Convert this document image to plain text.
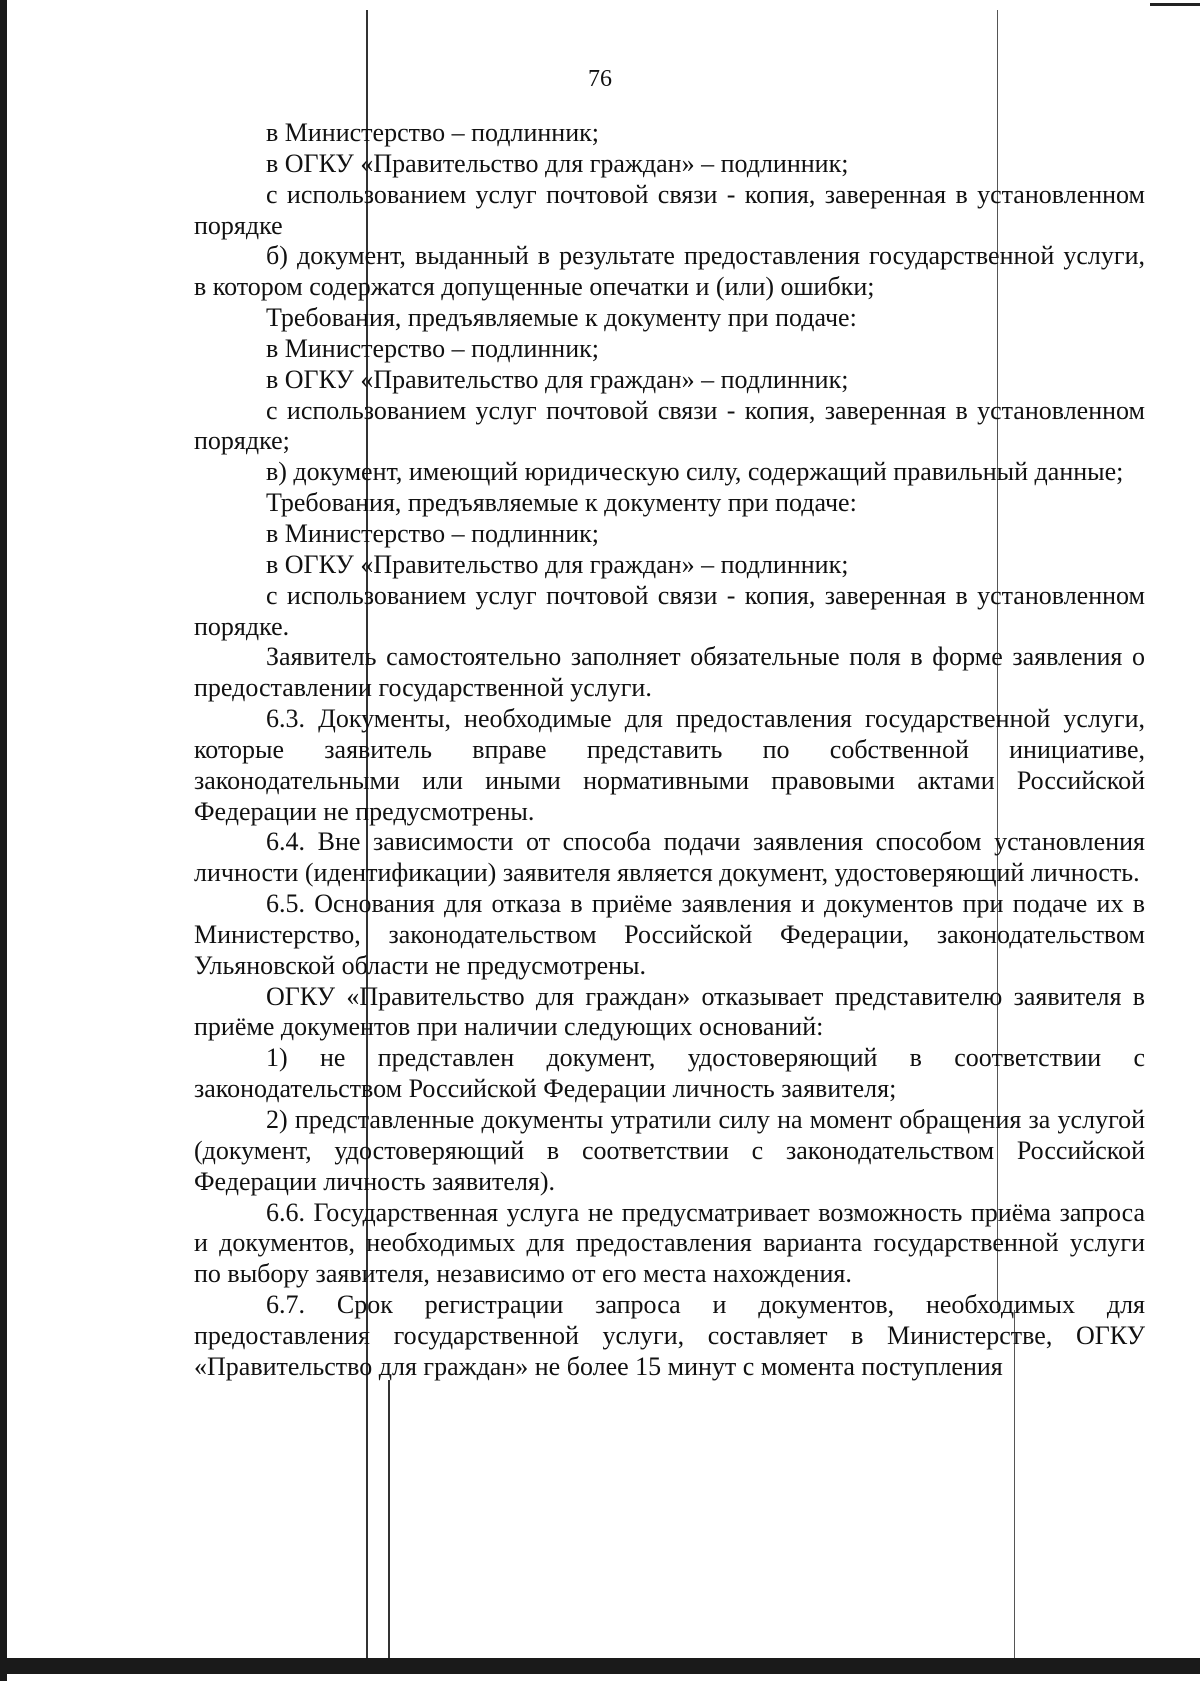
76

в Министерство – подлинник;

в ОГКУ «Правительство для граждан» – подлинник;

с использованием услуг почтовой связи - копия, заверенная в установленном порядке

б) документ, выданный в результате предоставления государственной услуги, в котором содержатся допущенные опечатки и (или) ошибки;

Требования, предъявляемые к документу при подаче:

в Министерство – подлинник;

в ОГКУ «Правительство для граждан» – подлинник;

с использованием услуг почтовой связи - копия, заверенная в установленном порядке;

в) документ, имеющий юридическую силу, содержащий правильный данные;

Требования, предъявляемые к документу при подаче:

в Министерство – подлинник;

в ОГКУ «Правительство для граждан» – подлинник;

с использованием услуг почтовой связи - копия, заверенная в установленном порядке.

Заявитель самостоятельно заполняет обязательные поля в форме заявления о предоставлении государственной услуги.

6.3. Документы, необходимые для предоставления государственной услуги, которые заявитель вправе представить по собственной инициативе, законодательными или иными нормативными правовыми актами Российской Федерации не предусмотрены.

6.4. Вне зависимости от способа подачи заявления способом установления личности (идентификации) заявителя является документ, удостоверяющий личность.

6.5. Основания для отказа в приёме заявления и документов при подаче их в Министерство, законодательством Российской Федерации, законодательством Ульяновской области не предусмотрены.

ОГКУ «Правительство для граждан» отказывает представителю заявителя в приёме документов при наличии следующих оснований:

1) не представлен документ, удостоверяющий в соответствии с законодательством Российской Федерации личность заявителя;

2) представленные документы утратили силу на момент обращения за услугой (документ, удостоверяющий в соответствии с законодательством Российской Федерации личность заявителя).

6.6. Государственная услуга не предусматривает возможность приёма запроса и документов, необходимых для предоставления варианта государственной услуги по выбору заявителя, независимо от его места нахождения.

6.7. Срок регистрации запроса и документов, необходимых для предоставления государственной услуги, составляет в Министерстве, ОГКУ «Правительство для граждан» не более 15 минут с момента поступления
